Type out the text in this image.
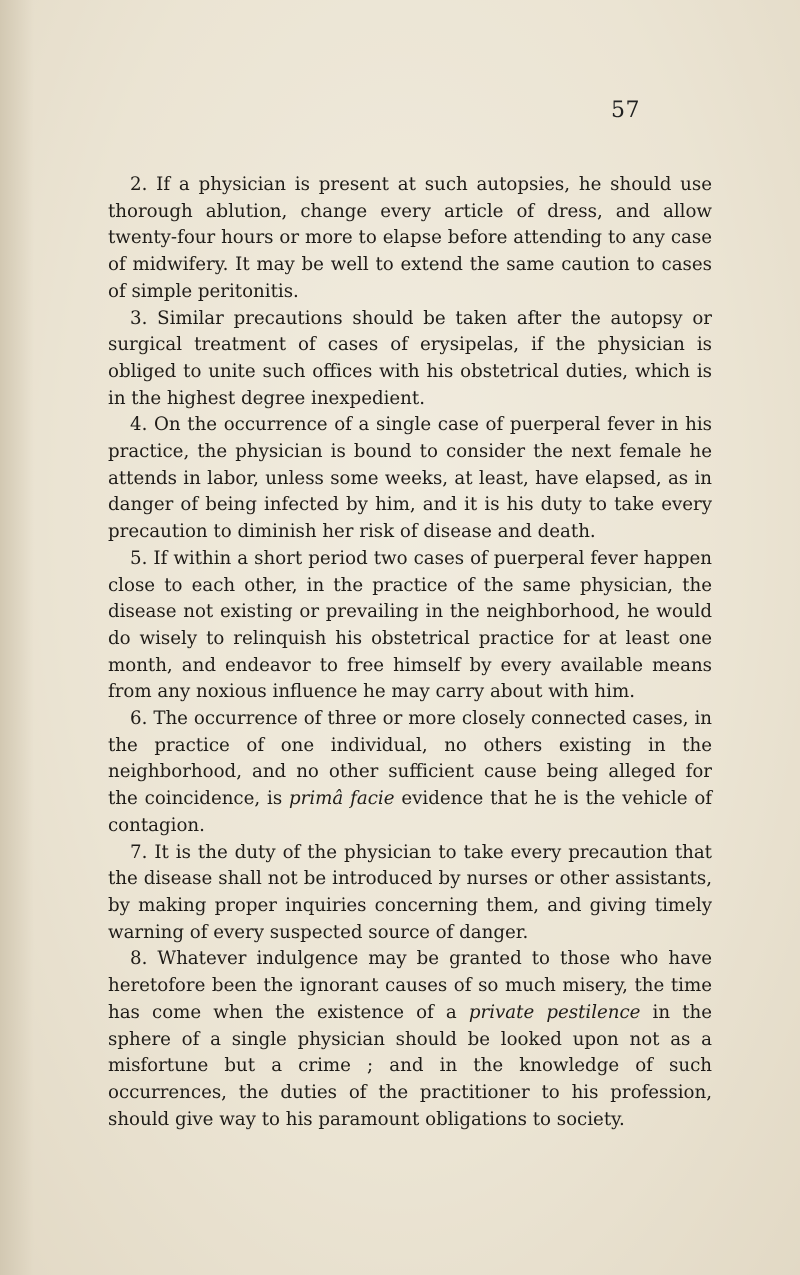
57

2. If a physician is present at such autopsies, he should use thorough ablution, change every article of dress, and allow twenty-four hours or more to elapse before attending to any case of midwifery. It may be well to extend the same caution to cases of simple peritonitis.

3. Similar precautions should be taken after the autopsy or surgical treatment of cases of erysipelas, if the physician is obliged to unite such offices with his obstetrical duties, which is in the highest degree inexpedient.

4. On the occurrence of a single case of puerperal fever in his practice, the physician is bound to consider the next female he attends in labor, unless some weeks, at least, have elapsed, as in danger of being infected by him, and it is his duty to take every precaution to diminish her risk of disease and death.

5. If within a short period two cases of puerperal fever happen close to each other, in the practice of the same physician, the disease not existing or prevailing in the neighborhood, he would do wisely to relinquish his obstetrical practice for at least one month, and endeavor to free himself by every available means from any noxious influence he may carry about with him.

6. The occurrence of three or more closely connected cases, in the practice of one individual, no others existing in the neighborhood, and no other sufficient cause being alleged for the coincidence, is primâ facie evidence that he is the vehicle of contagion.

7. It is the duty of the physician to take every precaution that the disease shall not be introduced by nurses or other assistants, by making proper inquiries concerning them, and giving timely warning of every suspected source of danger.

8. Whatever indulgence may be granted to those who have heretofore been the ignorant causes of so much misery, the time has come when the existence of a private pestilence in the sphere of a single physician should be looked upon not as a misfortune but a crime ; and in the knowledge of such occurrences, the duties of the practitioner to his profession, should give way to his paramount obligations to society.
